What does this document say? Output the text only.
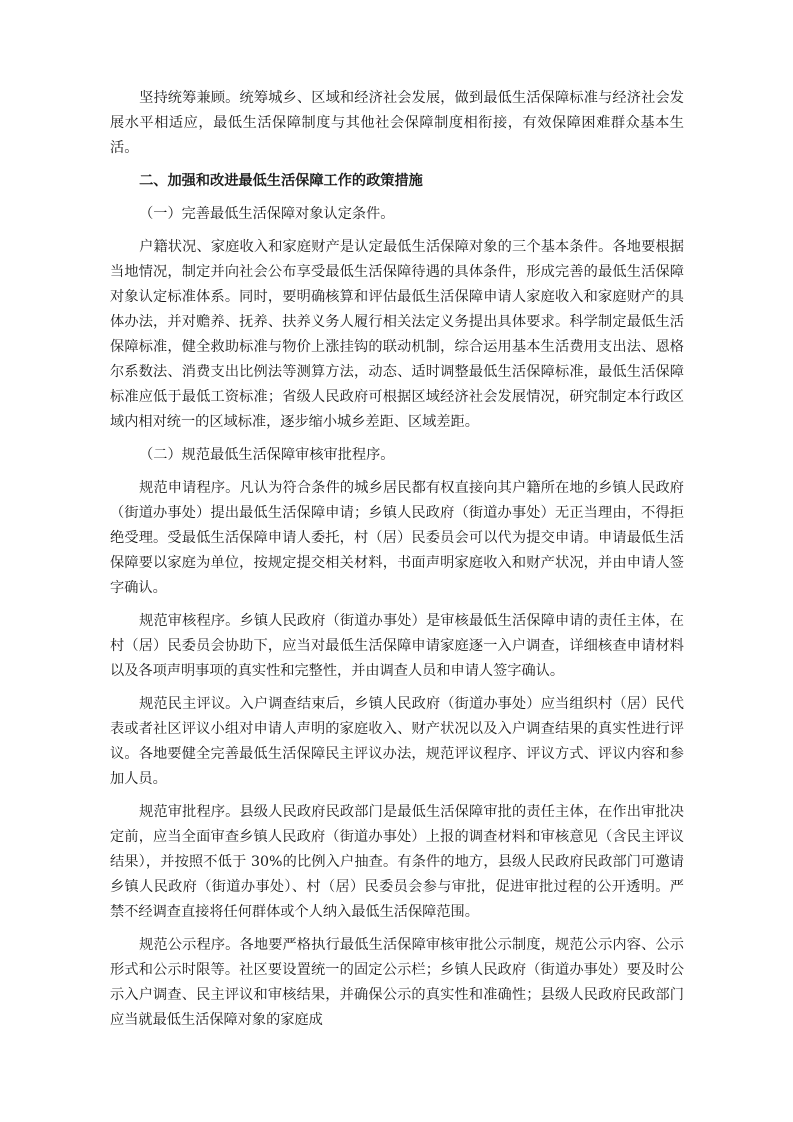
坚持统筹兼顾。统筹城乡、区域和经济社会发展，做到最低生活保障标准与经济社会发展水平相适应，最低生活保障制度与其他社会保障制度相衔接，有效保障困难群众基本生活。

二、加强和改进最低生活保障工作的政策措施

（一）完善最低生活保障对象认定条件。

户籍状况、家庭收入和家庭财产是认定最低生活保障对象的三个基本条件。各地要根据当地情况，制定并向社会公布享受最低生活保障待遇的具体条件，形成完善的最低生活保障对象认定标准体系。同时，要明确核算和评估最低生活保障申请人家庭收入和家庭财产的具体办法，并对赡养、抚养、扶养义务人履行相关法定义务提出具体要求。科学制定最低生活保障标准，健全救助标准与物价上涨挂钩的联动机制，综合运用基本生活费用支出法、恩格尔系数法、消费支出比例法等测算方法，动态、适时调整最低生活保障标准，最低生活保障标准应低于最低工资标准；省级人民政府可根据区域经济社会发展情况，研究制定本行政区域内相对统一的区域标准，逐步缩小城乡差距、区域差距。

（二）规范最低生活保障审核审批程序。

规范申请程序。凡认为符合条件的城乡居民都有权直接向其户籍所在地的乡镇人民政府（街道办事处）提出最低生活保障申请；乡镇人民政府（街道办事处）无正当理由，不得拒绝受理。受最低生活保障申请人委托，村（居）民委员会可以代为提交申请。申请最低生活保障要以家庭为单位，按规定提交相关材料，书面声明家庭收入和财产状况，并由申请人签字确认。

规范审核程序。乡镇人民政府（街道办事处）是审核最低生活保障申请的责任主体，在村（居）民委员会协助下，应当对最低生活保障申请家庭逐一入户调查，详细核查申请材料以及各项声明事项的真实性和完整性，并由调查人员和申请人签字确认。

规范民主评议。入户调查结束后，乡镇人民政府（街道办事处）应当组织村（居）民代表或者社区评议小组对申请人声明的家庭收入、财产状况以及入户调查结果的真实性进行评议。各地要健全完善最低生活保障民主评议办法，规范评议程序、评议方式、评议内容和参加人员。

规范审批程序。县级人民政府民政部门是最低生活保障审批的责任主体，在作出审批决定前，应当全面审查乡镇人民政府（街道办事处）上报的调查材料和审核意见（含民主评议结果），并按照不低于 30%的比例入户抽查。有条件的地方，县级人民政府民政部门可邀请乡镇人民政府（街道办事处）、村（居）民委员会参与审批，促进审批过程的公开透明。严禁不经调查直接将任何群体或个人纳入最低生活保障范围。

规范公示程序。各地要严格执行最低生活保障审核审批公示制度，规范公示内容、公示形式和公示时限等。社区要设置统一的固定公示栏；乡镇人民政府（街道办事处）要及时公示入户调查、民主评议和审核结果，并确保公示的真实性和准确性；县级人民政府民政部门应当就最低生活保障对象的家庭成
